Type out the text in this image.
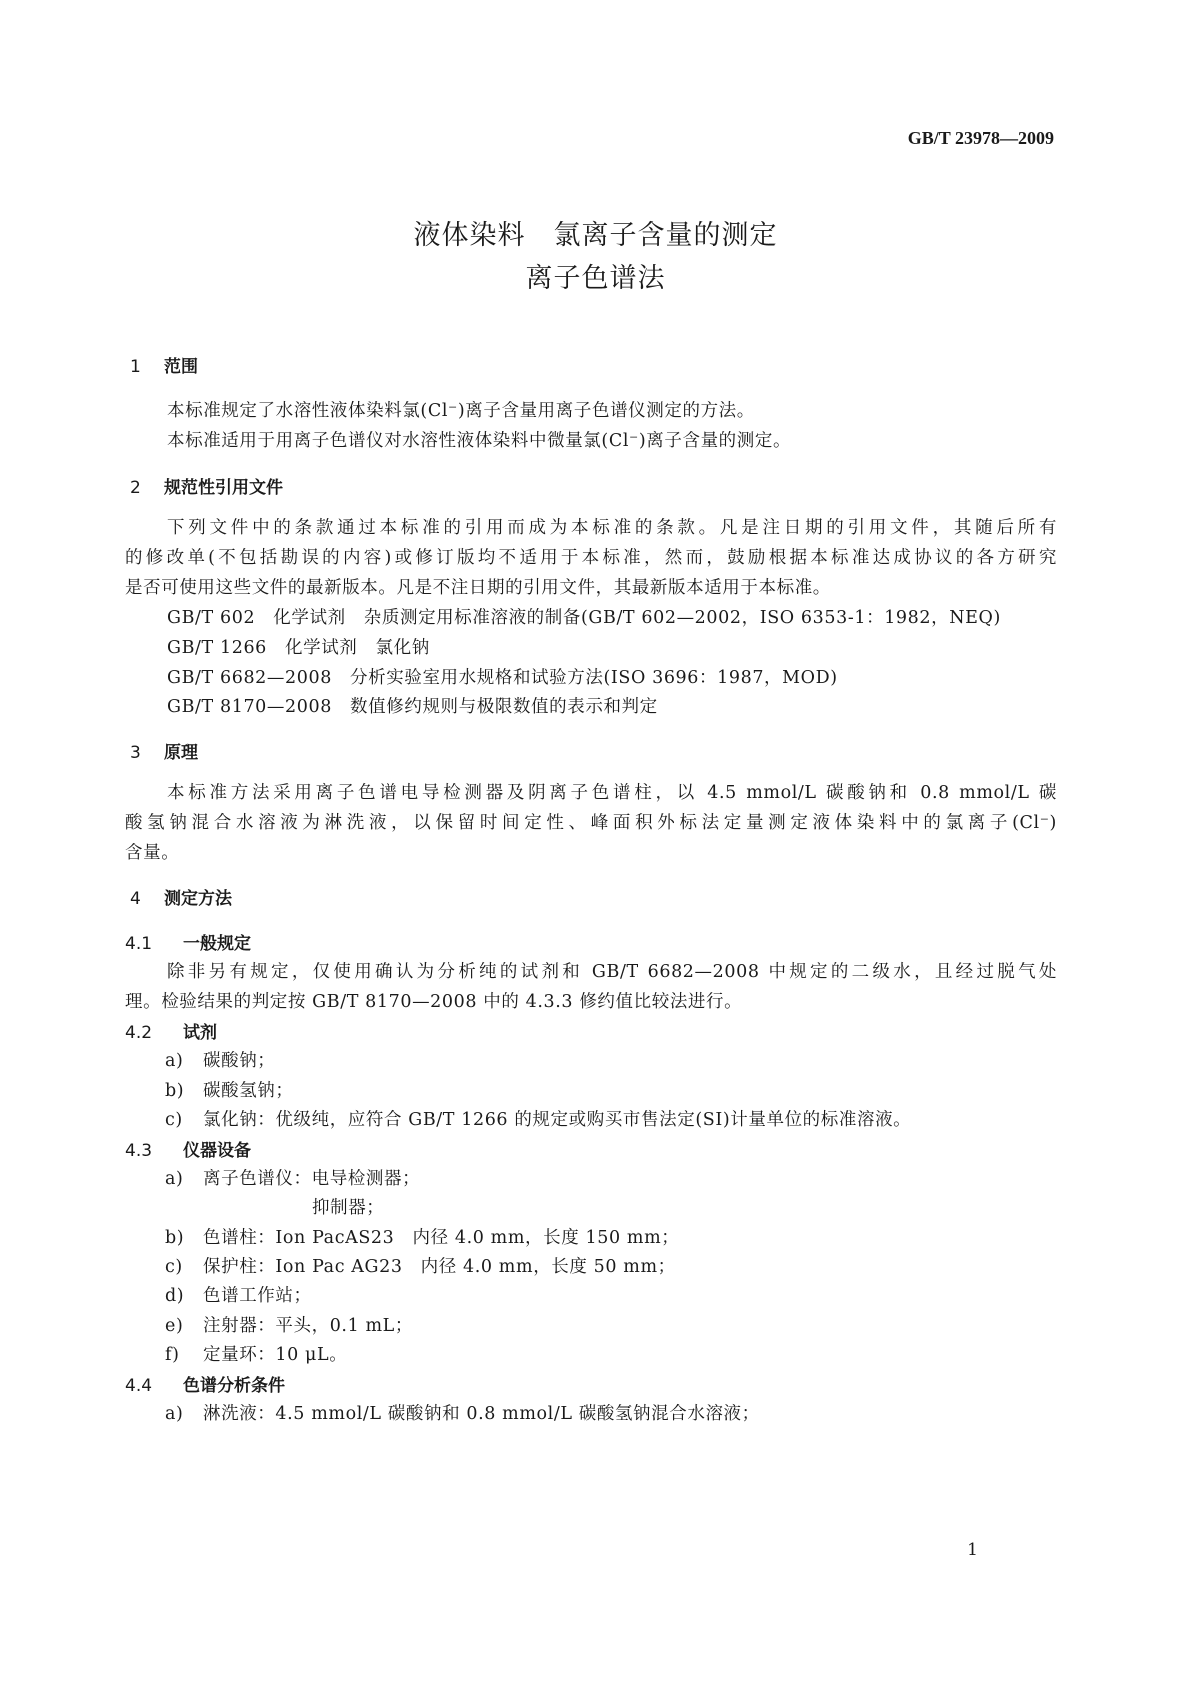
GB/T 23978—2009
液体染料　氯离子含量的测定
离子色谱法
1 范围
本标准规定了水溶性液体染料氯(Cl⁻)离子含量用离子色谱仪测定的方法。
本标准适用于用离子色谱仪对水溶性液体染料中微量氯(Cl⁻)离子含量的测定。
2 规范性引用文件
下列文件中的条款通过本标准的引用而成为本标准的条款。凡是注日期的引用文件，其随后所有
的修改单(不包括勘误的内容)或修订版均不适用于本标准，然而，鼓励根据本标准达成协议的各方研究
是否可使用这些文件的最新版本。凡是不注日期的引用文件，其最新版本适用于本标准。
GB/T 602　化学试剂　杂质测定用标准溶液的制备(GB/T 602—2002，ISO 6353-1：1982，NEQ)
GB/T 1266　化学试剂　氯化钠
GB/T 6682—2008　分析实验室用水规格和试验方法(ISO 3696：1987，MOD)
GB/T 8170—2008　数值修约规则与极限数值的表示和判定
3 原理
本标准方法采用离子色谱电导检测器及阴离子色谱柱，以 4.5 mmol/L 碳酸钠和 0.8 mmol/L 碳
酸氢钠混合水溶液为淋洗液，以保留时间定性、峰面积外标法定量测定液体染料中的氯离子(Cl⁻)
含量。
4 测定方法
4.1 一般规定
除非另有规定，仅使用确认为分析纯的试剂和 GB/T 6682—2008 中规定的二级水，且经过脱气处
理。检验结果的判定按 GB/T 8170—2008 中的 4.3.3 修约值比较法进行。
4.2 试剂
a) 碳酸钠；
b) 碳酸氢钠；
c) 氯化钠：优级纯，应符合 GB/T 1266 的规定或购买市售法定(SI)计量单位的标准溶液。
4.3 仪器设备
a) 离子色谱仪：电导检测器；
抑制器；
b) 色谱柱：Ion PacAS23　内径 4.0 mm，长度 150 mm；
c) 保护柱：Ion Pac AG23　内径 4.0 mm，长度 50 mm；
d) 色谱工作站；
e) 注射器：平头，0.1 mL；
f) 定量环：10 μL。
4.4 色谱分析条件
a) 淋洗液：4.5 mmol/L 碳酸钠和 0.8 mmol/L 碳酸氢钠混合水溶液；
1
